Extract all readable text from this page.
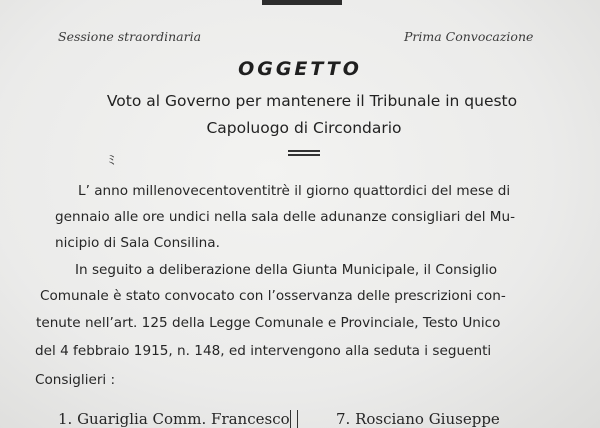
Sessione straordinaria	Prima Convocazione
OGGETTO
Voto al Governo per mantenere il Tribunale in questo
Capoluogo di Circondario
ﾐ
L’ anno millenovecentoventitrè il giorno quattordici del mese di
gennaio alle ore undici nella sala delle adunanze consigliari del Mu-
nicipio di Sala Consilina.
In seguito a deliberazione della Giunta Municipale, il Consiglio
Comunale è stato convocato con l’osservanza delle prescrizioni con-
tenute nell’art. 125 della Legge Comunale e Provinciale, Testo Unico
del 4 febbraio 1915, n. 148, ed intervengono alla seduta i seguenti
Consiglieri :
1. Guariglia Comm. Francesco	7. Rosciano Giuseppe
